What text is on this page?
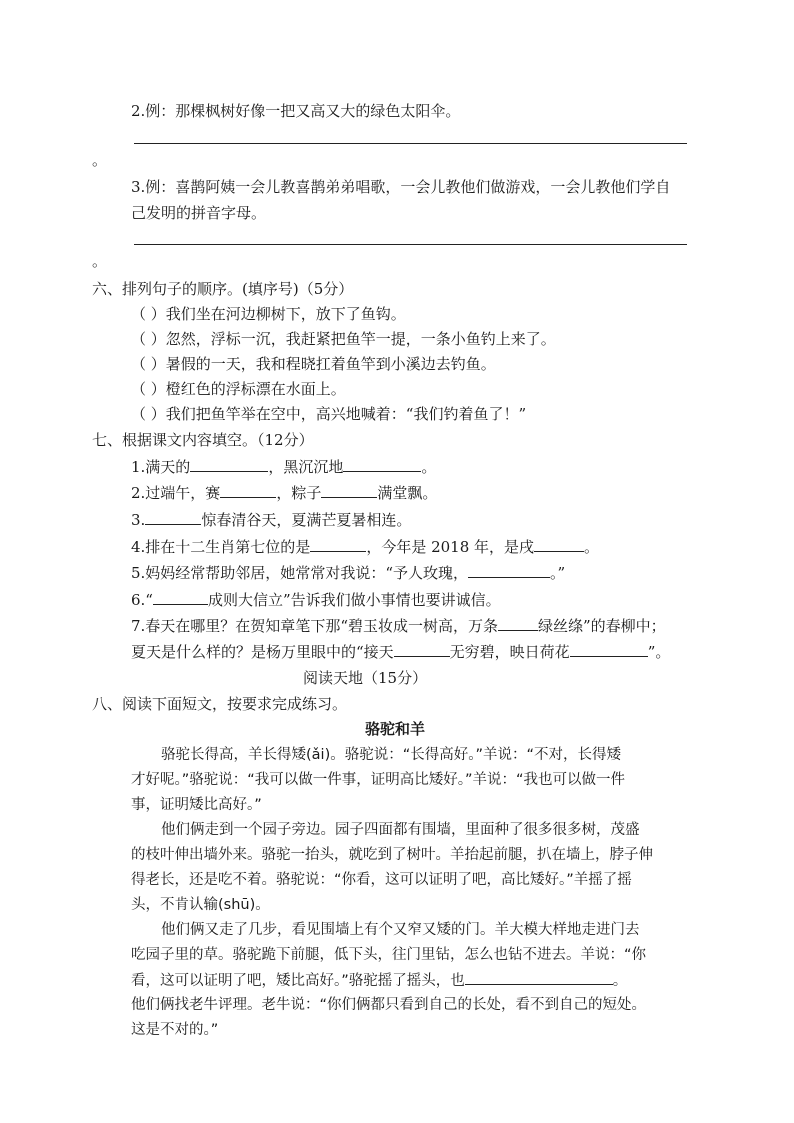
2.例：那棵枫树好像一把又高又大的绿色太阳伞。
。
3.例：喜鹊阿姨一会儿教喜鹊弟弟唱歌，一会儿教他们做游戏，一会儿教他们学自
己发明的拼音字母。
。
六、排列句子的顺序。(填序号)（5分）
（ ）我们坐在河边柳树下，放下了鱼钩。
（ ）忽然，浮标一沉，我赶紧把鱼竿一提，一条小鱼钓上来了。
（ ）暑假的一天，我和程晓扛着鱼竿到小溪边去钓鱼。
（ ）橙红色的浮标漂在水面上。
（ ）我们把鱼竿举在空中，高兴地喊着：“我们钓着鱼了！”
七、根据课文内容填空。（12分）
1.满天的	，黑沉沉地	。
2.过端午，赛	，粽子	满堂飘。
3.	惊春清谷天，夏满芒夏暑相连。
4.排在十二生肖第七位的是	，今年是 2018 年，是戌	。
5.妈妈经常帮助邻居，她常常对我说：“予人玫瑰，	。”
6.“	成则大信立”告诉我们做小事情也要讲诚信。
7.春天在哪里？在贺知章笔下那“碧玉妆成一树高，万条	绿丝绦”的春柳中；
夏天是什么样的？是杨万里眼中的“接天	无穷碧，映日荷花	”。
阅读天地（15分）
八、阅读下面短文，按要求完成练习。
骆驼和羊
骆驼长得高，羊长得矮(ǎi)。骆驼说：“长得高好。”羊说：“不对，长得矮
才好呢。”骆驼说：“我可以做一件事，证明高比矮好。”羊说：“我也可以做一件
事，证明矮比高好。”
他们俩走到一个园子旁边。园子四面都有围墙，里面种了很多很多树，茂盛
的枝叶伸出墙外来。骆驼一抬头，就吃到了树叶。羊抬起前腿，扒在墙上，脖子伸
得老长，还是吃不着。骆驼说：“你看，这可以证明了吧，高比矮好。”羊摇了摇
头，不肯认输(shū)。
他们俩又走了几步，看见围墙上有个又窄又矮的门。羊大模大样地走进门去
吃园子里的草。骆驼跪下前腿，低下头，往门里钻，怎么也钻不进去。羊说：“你
看，这可以证明了吧，矮比高好。”骆驼摇了摇头，也	。
他们俩找老牛评理。老牛说：“你们俩都只看到自己的长处，看不到自己的短处。
这是不对的。”
